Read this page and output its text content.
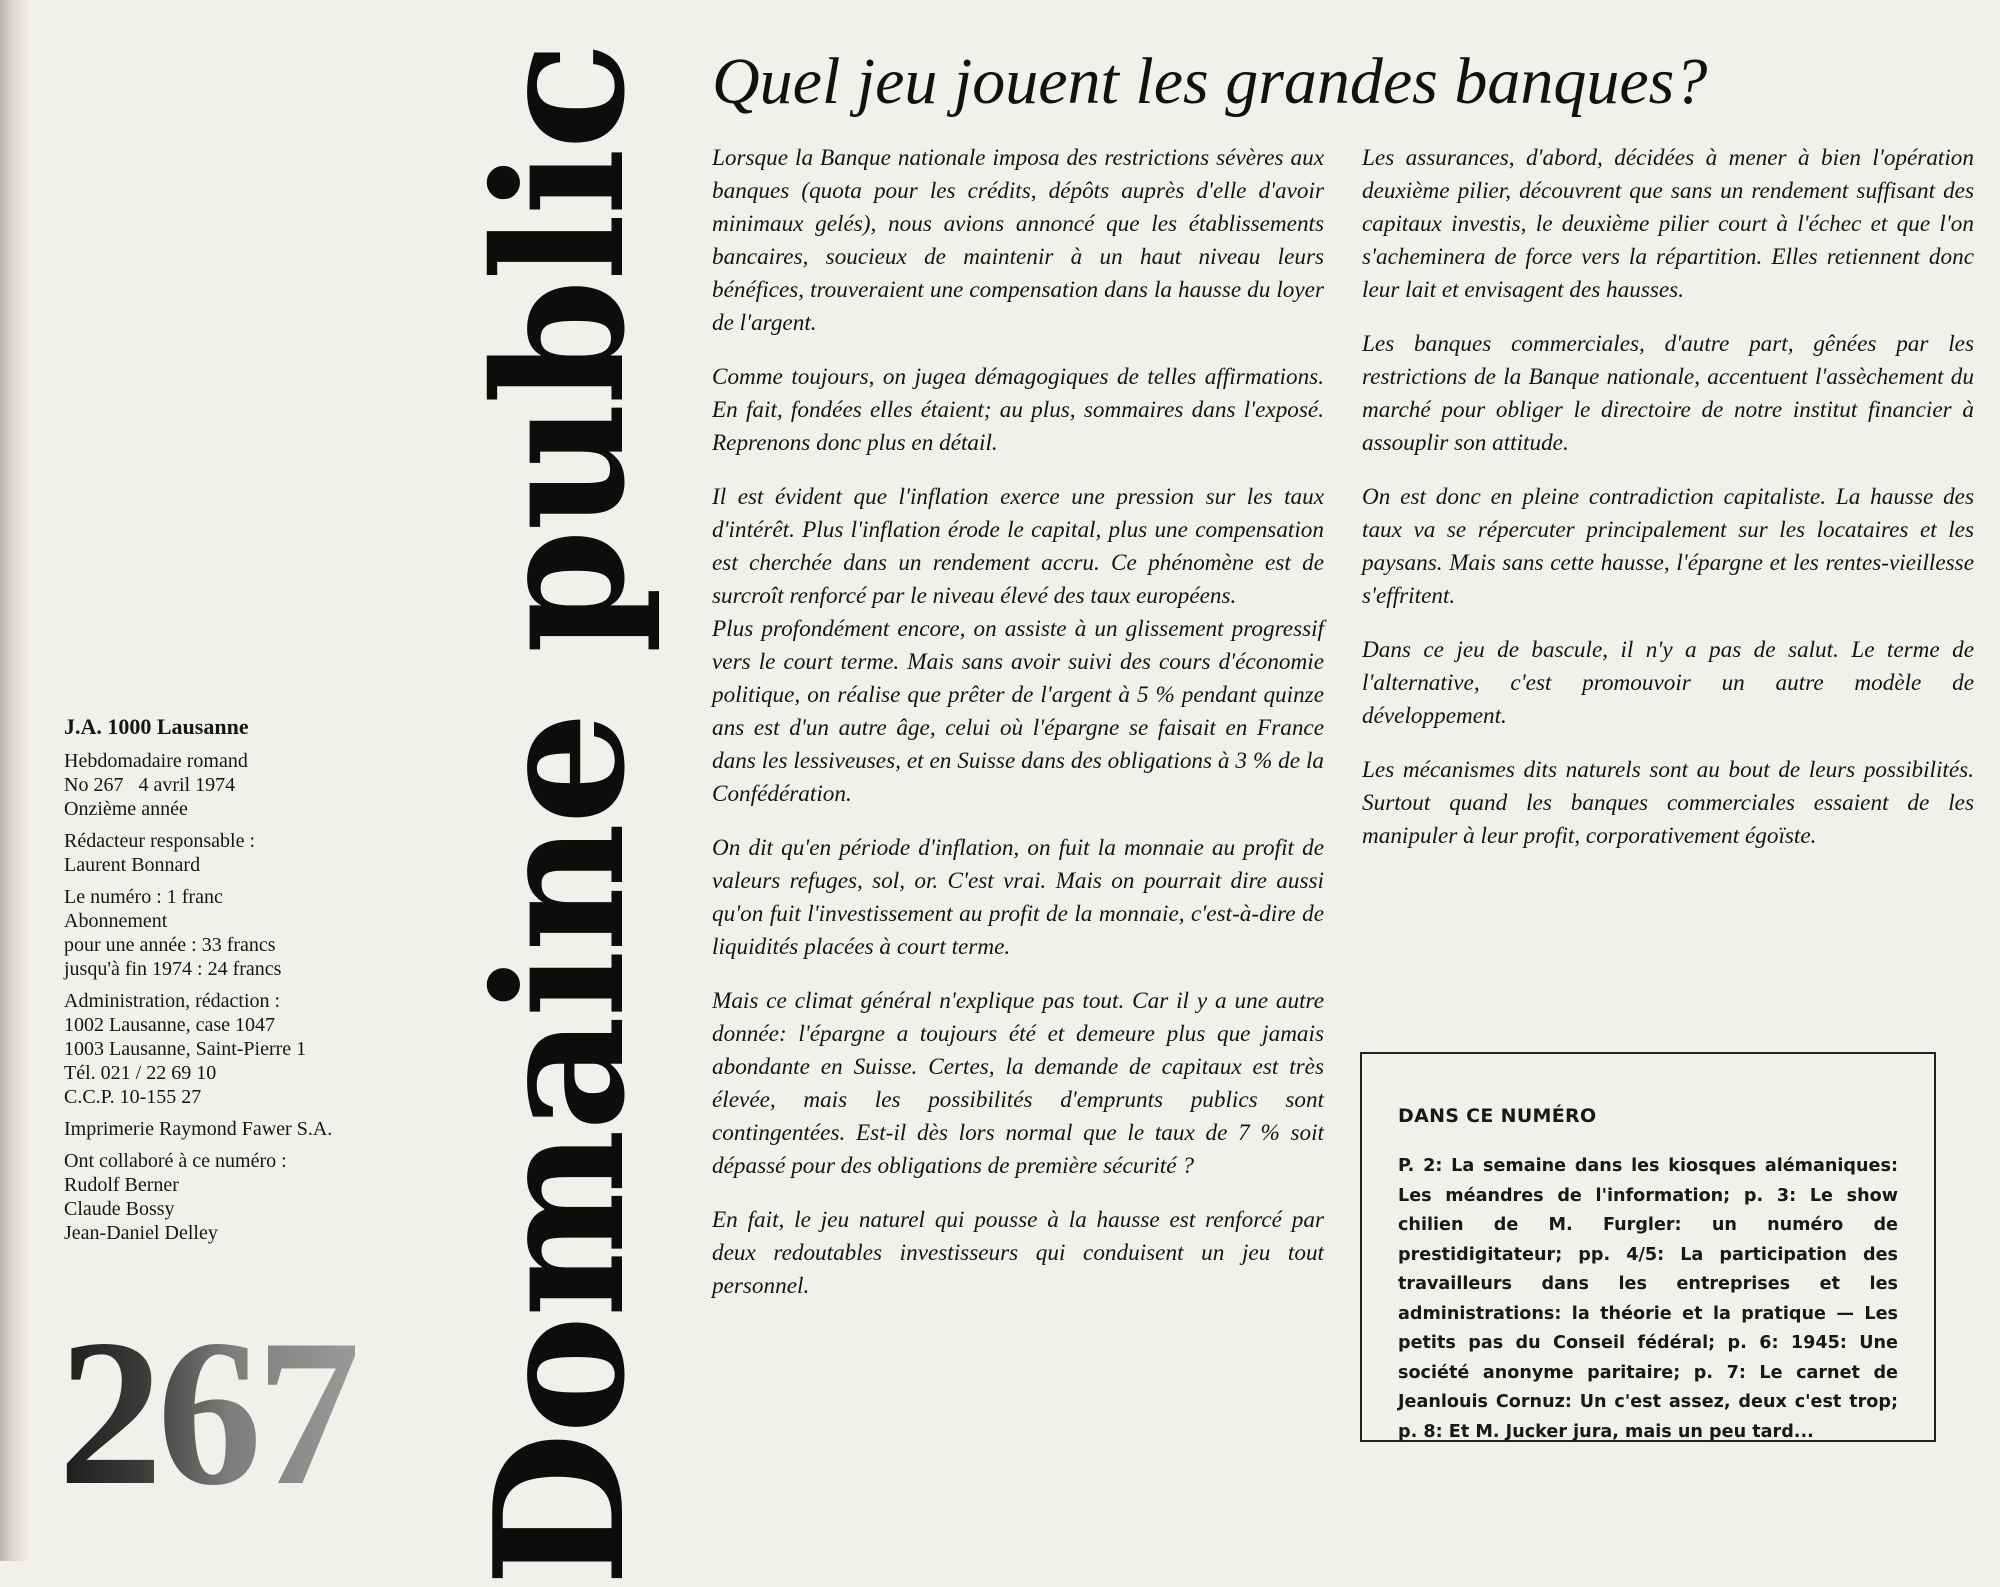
J.A. 1000 Lausanne
Hebdomadaire romand
No 267   4 avril 1974
Onzième année
Rédacteur responsable :
Laurent Bonnard
Le numéro : 1 franc
Abonnement
pour une année : 33 francs
jusqu'à fin 1974 : 24 francs
Administration, rédaction :
1002 Lausanne, case 1047
1003 Lausanne, Saint-Pierre 1
Tél. 021 / 22 69 10
C.C.P. 10-155 27
Imprimerie Raymond Fawer S.A.
Ont collaboré à ce numéro :
Rudolf Berner
Claude Bossy
Jean-Daniel Delley
267 Domaine public Quel jeu jouent les grandes banques?

Lorsque la Banque nationale imposa des restrictions sévères aux banques (quota pour les crédits, dépôts auprès d'elle d'avoir minimaux gelés), nous avions annoncé que les établissements bancaires, soucieux de maintenir à un haut niveau leurs bénéfices, trouveraient une compensation dans la hausse du loyer de l'argent.

Comme toujours, on jugea démagogiques de telles affirmations. En fait, fondées elles étaient; au plus, sommaires dans l'exposé. Reprenons donc plus en détail.

Il est évident que l'inflation exerce une pression sur les taux d'intérêt. Plus l'inflation érode le capital, plus une compensation est cherchée dans un rendement accru. Ce phénomène est de surcroît renforcé par le niveau élevé des taux européens.

Plus profondément encore, on assiste à un glissement progressif vers le court terme. Mais sans avoir suivi des cours d'économie politique, on réalise que prêter de l'argent à 5 % pendant quinze ans est d'un autre âge, celui où l'épargne se faisait en France dans les lessiveuses, et en Suisse dans des obligations à 3 % de la Confédération.

On dit qu'en période d'inflation, on fuit la monnaie au profit de valeurs refuges, sol, or. C'est vrai. Mais on pourrait dire aussi qu'on fuit l'investissement au profit de la monnaie, c'est-à-dire de liquidités placées à court terme.

Mais ce climat général n'explique pas tout. Car il y a une autre donnée: l'épargne a toujours été et demeure plus que jamais abondante en Suisse. Certes, la demande de capitaux est très élevée, mais les possibilités d'emprunts publics sont contingentées. Est-il dès lors normal que le taux de 7 % soit dépassé pour des obligations de première sécurité ?

En fait, le jeu naturel qui pousse à la hausse est renforcé par deux redoutables investisseurs qui conduisent un jeu tout personnel.

Les assurances, d'abord, décidées à mener à bien l'opération deuxième pilier, découvrent que sans un rendement suffisant des capitaux investis, le deuxième pilier court à l'échec et que l'on s'acheminera de force vers la répartition. Elles retiennent donc leur lait et envisagent des hausses.

Les banques commerciales, d'autre part, gênées par les restrictions de la Banque nationale, accentuent l'assèchement du marché pour obliger le directoire de notre institut financier à assouplir son attitude.

On est donc en pleine contradiction capitaliste. La hausse des taux va se répercuter principalement sur les locataires et les paysans. Mais sans cette hausse, l'épargne et les rentes-vieillesse s'effritent.

Dans ce jeu de bascule, il n'y a pas de salut. Le terme de l'alternative, c'est promouvoir un autre modèle de développement.

Les mécanismes dits naturels sont au bout de leurs possibilités. Surtout quand les banques commerciales essaient de les manipuler à leur profit, corporativement égoïste.

DANS CE NUMÉRO
P. 2: La semaine dans les kiosques alémaniques: Les méandres de l'information; p. 3: Le show chilien de M. Furgler: un numéro de prestidigitateur; pp. 4/5: La participation des travailleurs dans les entreprises et les administrations: la théorie et la pratique — Les petits pas du Conseil fédéral; p. 6: 1945: Une société anonyme paritaire; p. 7: Le carnet de Jeanlouis Cornuz: Un c'est assez, deux c'est trop; p. 8: Et M. Jucker jura, mais un peu tard...
